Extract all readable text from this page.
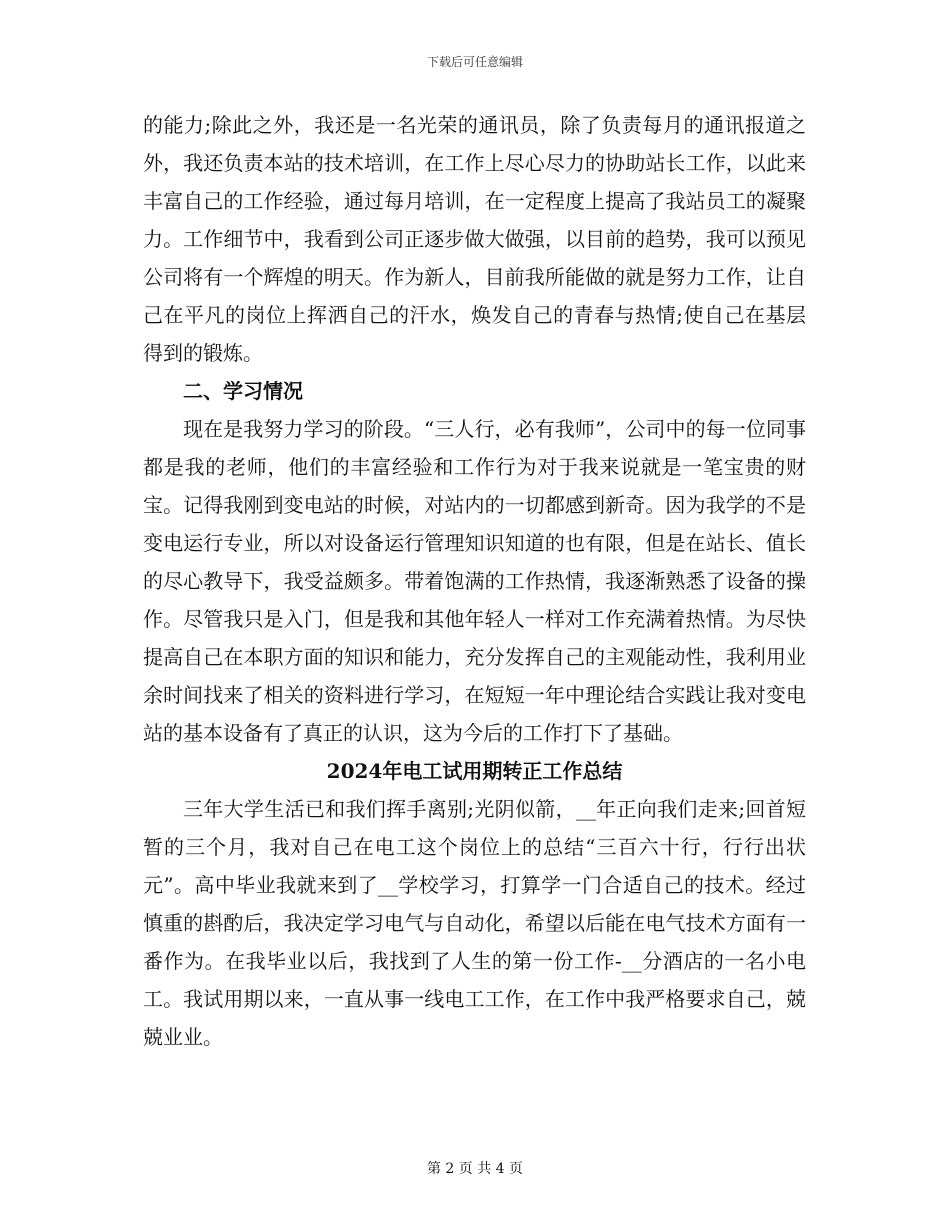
下载后可任意编辑

的能力;除此之外，我还是一名光荣的通讯员，除了负责每月的通讯报道之外，我还负责本站的技术培训，在工作上尽心尽力的协助站长工作，以此来丰富自己的工作经验，通过每月培训，在一定程度上提高了我站员工的凝聚力。工作细节中，我看到公司正逐步做大做强，以目前的趋势，我可以预见公司将有一个辉煌的明天。作为新人，目前我所能做的就是努力工作，让自己在平凡的岗位上挥洒自己的汗水，焕发自己的青春与热情;使自己在基层得到的锻炼。

二、学习情况

现在是我努力学习的阶段。“三人行，必有我师”，公司中的每一位同事都是我的老师，他们的丰富经验和工作行为对于我来说就是一笔宝贵的财宝。记得我刚到变电站的时候，对站内的一切都感到新奇。因为我学的不是变电运行专业，所以对设备运行管理知识知道的也有限，但是在站长、值长的尽心教导下，我受益颇多。带着饱满的工作热情，我逐渐熟悉了设备的操作。尽管我只是入门，但是我和其他年轻人一样对工作充满着热情。为尽快提高自己在本职方面的知识和能力，充分发挥自己的主观能动性，我利用业余时间找来了相关的资料进行学习，在短短一年中理论结合实践让我对变电站的基本设备有了真正的认识，这为今后的工作打下了基础。

2024年电工试用期转正工作总结

三年大学生活已和我们挥手离别;光阴似箭，__年正向我们走来;回首短暂的三个月，我对自己在电工这个岗位上的总结“三百六十行，行行出状元”。高中毕业我就来到了__学校学习，打算学一门合适自己的技术。经过慎重的斟酌后，我决定学习电气与自动化，希望以后能在电气技术方面有一番作为。在我毕业以后，我找到了人生的第一份工作-__分酒店的一名小电工。我试用期以来，一直从事一线电工工作，在工作中我严格要求自己，兢兢业业。

第 2 页 共 4 页
